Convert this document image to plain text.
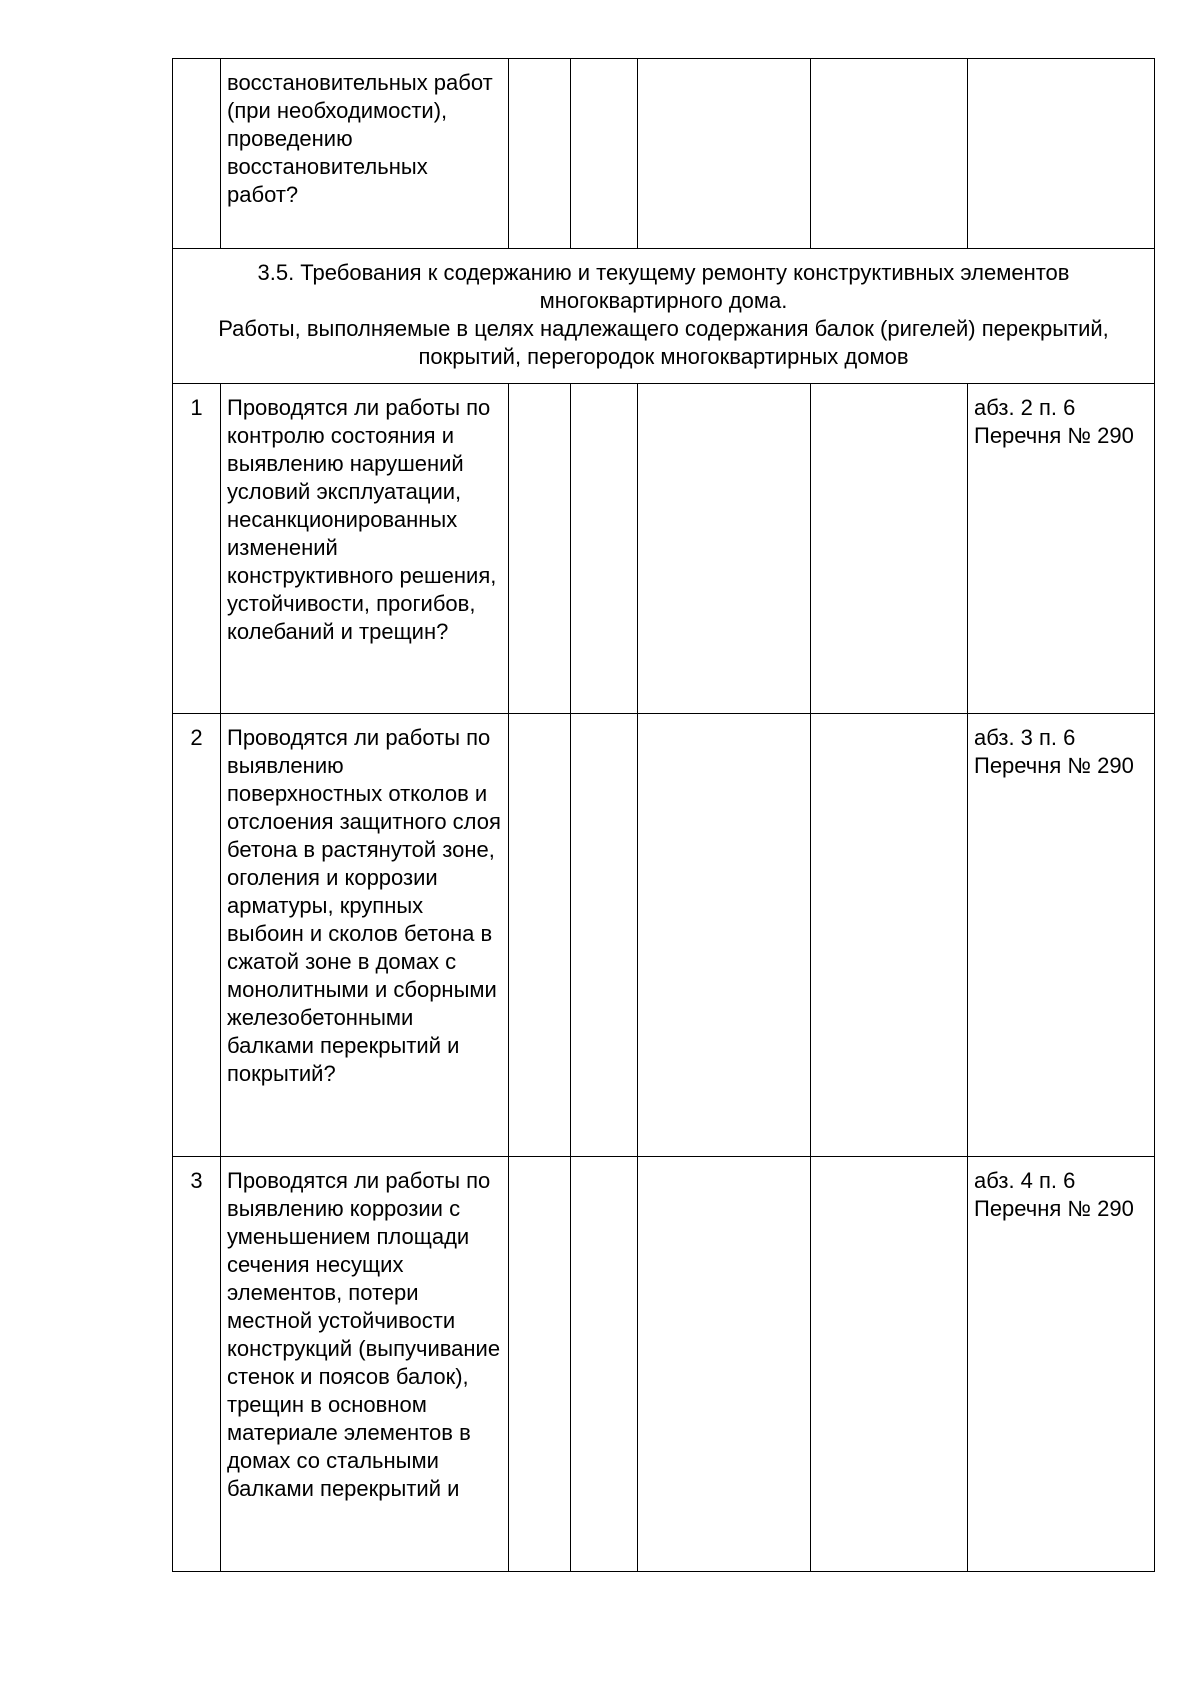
	восстановительных работ (при необходимости), проведению восстановительных работ?					

3.5. Требования к содержанию и текущему ремонту конструктивных элементов многоквартирного дома.
Работы, выполняемые в целях надлежащего содержания балок (ригелей) перекрытий, покрытий, перегородок многоквартирных домов						

1	Проводятся ли работы по контролю состояния и выявлению нарушений условий эксплуатации, несанкционированных изменений конструктивного решения, устойчивости, прогибов, колебаний и трещин?					абз. 2 п. 6 Перечня № 290
2	Проводятся ли работы по выявлению поверхностных отколов и отслоения защитного слоя бетона в растянутой зоне, оголения и коррозии арматуры, крупных выбоин и сколов бетона в сжатой зоне в домах с монолитными и сборными железобетонными балками перекрытий и покрытий?					абз. 3 п. 6 Перечня № 290
3	Проводятся ли работы по выявлению коррозии с уменьшением площади сечения несущих элементов, потери местной устойчивости конструкций (выпучивание стенок и поясов балок), трещин в основном материале элементов в домах со стальными балками перекрытий и					абз. 4 п. 6 Перечня № 290
